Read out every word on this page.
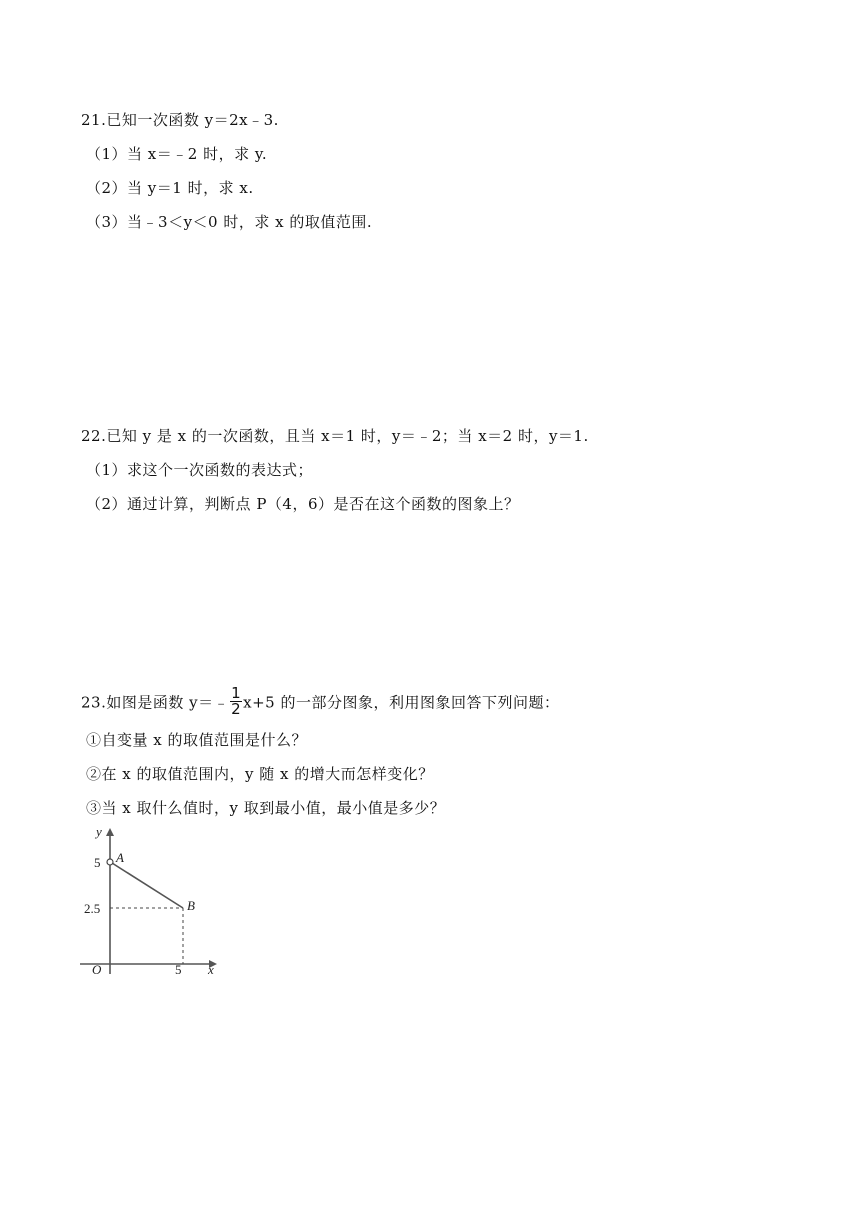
21.已知一次函数 y＝2x﹣3.
（1）当 x＝﹣2 时，求 y.
（2）当 y＝1 时，求 x.
（3）当﹣3＜y＜0 时，求 x 的取值范围.
22.已知 y 是 x 的一次函数，且当 x＝1 时，y＝﹣2；当 x＝2 时，y＝1.
（1）求这个一次函数的表达式；
（2）通过计算，判断点 P（4，6）是否在这个函数的图象上？
23.如图是函数 y＝﹣ $\frac{1}{2} x+5$ 的一部分图象，利用图象回答下列问题：
①自变量 x 的取值范围是什么？
②在 x 的取值范围内，y 随 x 的增大而怎样变化？
③当 x 取什么值时，y 取到最小值，最小值是多少？
y
x
O
5
2.5
5
A
B
